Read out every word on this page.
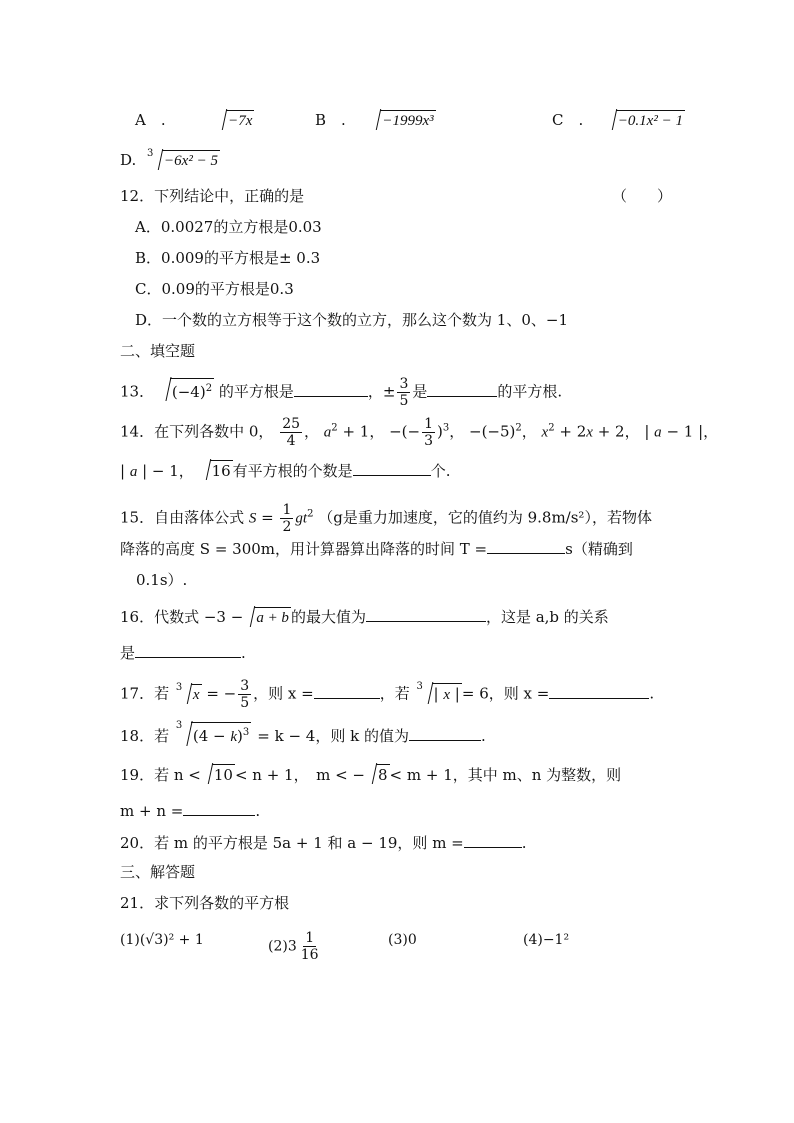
A　.	−7x	B　. −1999x³	C　. −0.1x² − 1
D. 3 −6x² − 5
12．下列结论中，正确的是	（　　）
A．0.0027的立方根是0.03
B．0.009的平方根是± 0.3
C．0.09的平方根是0.3
D．一个数的立方根等于这个数的立方，那么这个数为 1、0、−1
二、填空题
13． $(-4)^2$ 的平方根是	，± $\frac{3}{5}$ 是	的平方根.
14．在下列各数中 0， $\frac{25}{4}$ ， $a^2 + 1$， −(− $\frac{1}{3} )^3$， $-(-5)^2$， $x^2 + 2x + 2$， | a − 1 |，
| a | − 1， 16 有平方根的个数是	个.
15．自由落体公式 $S = \frac{1}{2} gt^2$ （g是重力加速度，它的值约为 9.8m/s²），若物体
降落的高度 S = 300m，用计算器算出降落的时间 T =	s（精确到
0.1s）.
16．代数式 −3 − a + b 的最大值为	，这是 a,b 的关系
是	.
17．若 3 x = − $\frac{3}{5}$ ，则 x =	，若 3 | x | = 6，则 x =	.
18．若
3
$(4 - k)^3 = k - 4$，则 k 的值为	.
19．若 n < 10 < n + 1，　m < − 8 < m + 1，其中 m、n 为整数，则
m + n =	.
20．若 m 的平方根是 5a + 1 和 a − 19，则 m =	.
三、解答题
21．求下列各数的平方根
(1)(√3)² + 1	$(2)3 \frac{1}{16}$	(3)0	(4)−1²
